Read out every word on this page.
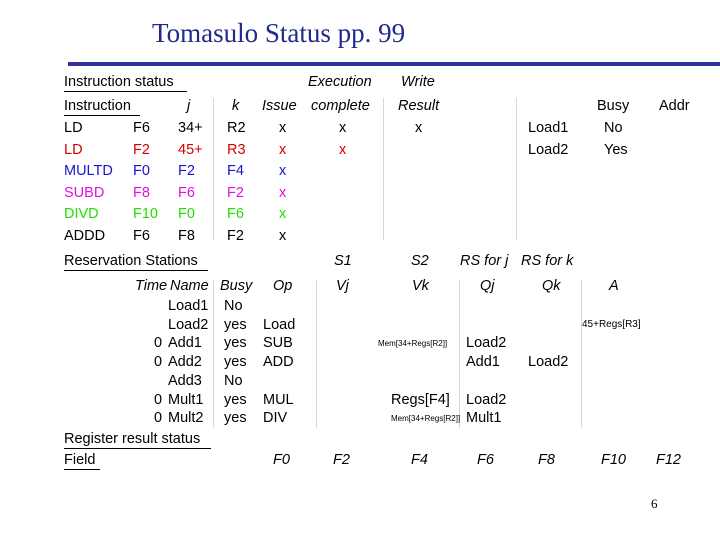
Tomasulo Status pp. 99
Instruction status	Execution Write
Instruction	j	k Issue complete Result	Busy Addr
LD	F6 34+ R2 x	x	x
LD	F2 45+ R3 x	x
MULTD F0 F2 F4 x
SUBD F8 F6 F2 x
DIVD F10 F0 F6 x
ADDD F6 F8 F2 x
Load1 No
Load2 Yes
Reservation Stations	S1	S2 RS for j RS for k
Time Name Busy Op	Vj	Vk	Qj	Qk	A
Load1 No
Load2 yes Load	45+Regs[R3]
0 Add1 yes SUB	Mem[34+Regs[R2]] Load2
0 Add2 yes ADD	Add1 Load2
Add3 No
0 Mult1 yes MUL	Regs[F4] Load2
0 Mult2 yes DIV	Mem[34+Regs[R2]] Mult1
Register result status
Field	F0	F2	F4	F6	F8	F10 F12
6
